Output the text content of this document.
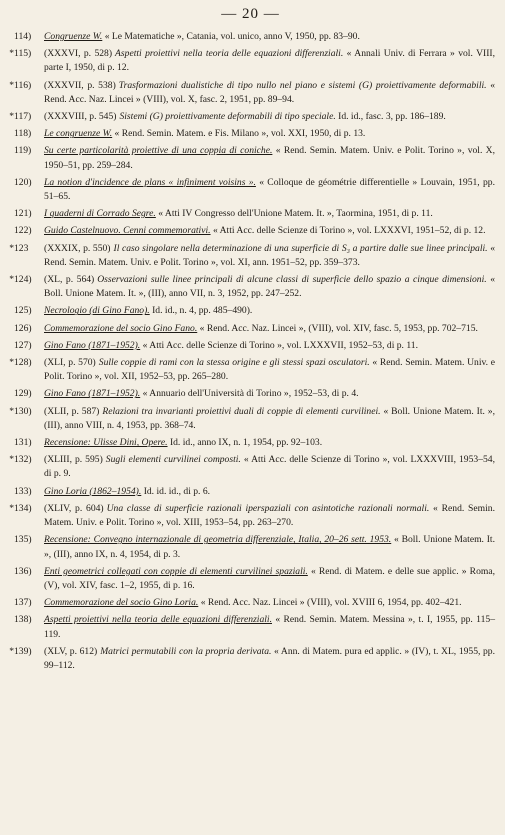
— 20 —
114)	Congruenze W. « Le Matematiche », Catania, vol. unico, anno V, 1950, pp. 83–90.
*115)	(XXXVI, p. 528) Aspetti proiettivi nella teoria delle equazioni differenziali. « Annali Univ. di Ferrara » vol. VIII, parte I, 1950, di p. 12.
*116)	(XXXVII, p. 538) Trasformazioni dualistiche di tipo nullo nel piano e sistemi (G) proiettivamente deformabili. « Rend. Acc. Naz. Lincei » (VIII), vol. X, fasc. 2, 1951, pp. 89–94.
*117)	(XXXVIII, p. 545) Sistemi (G) proiettivamente deformabili di tipo speciale. Id. id., fasc. 3, pp. 186–189.
118)	Le congruenze W. « Rend. Semin. Matem. e Fis. Milano », vol. XXI, 1950, di p. 13.
119)	Su certe particolarità proiettive di una coppia di coniche. « Rend. Semin. Matem. Univ. e Polit. Torino », vol. X, 1950–51, pp. 259–284.
120)	La notion d'incidence de plans « infiniment voisins ». « Colloque de géométrie differentielle » Louvain, 1951, pp. 51–65.
121)	I quaderni di Corrado Segre. « Atti IV Congresso dell'Unione Matem. It. », Taormina, 1951, di p. 11.
122)	Guido Castelnuovo. Cenni commemorativi. « Atti Acc. delle Scienze di Torino », vol. LXXXVI, 1951–52, di p. 12.
*123	(XXXIX, p. 550) Il caso singolare nella determinazione di una superficie di S₃ a partire dalle sue linee principali. « Rend. Semin. Matem. Univ. e Polit. Torino », vol. XI, ann. 1951–52, pp. 359–373.
*124)	(XL, p. 564) Osservazioni sulle linee principali di alcune classi di superficie dello spazio a cinque dimensioni. « Boll. Unione Matem. It. », (III), anno VII, n. 3, 1952, pp. 247–252.
125)	Necrologio (di Gino Fano). Id. id., n. 4, pp. 485–490).
126)	Commemorazione del socio Gino Fano. « Rend. Acc. Naz. Lincei », (VIII), vol. XIV, fasc. 5, 1953, pp. 702–715.
127)	Gino Fano (1871–1952). « Atti Acc. delle Scienze di Torino », vol. LXXXVII, 1952–53, di p. 11.
*128)	(XLI, p. 570) Sulle coppie di rami con la stessa origine e gli stessi spazi osculatori. « Rend. Semin. Matem. Univ. e Polit. Torino », vol. XII, 1952–53, pp. 265–280.
129)	Gino Fano (1871–1952). « Annuario dell'Università di Torino », 1952–53, di p. 4.
*130)	(XLII, p. 587) Relazioni tra invarianti proiettivi duali di coppie di elementi curvilinei. « Boll. Unione Matem. It. », (III), anno VIII, n. 4, 1953, pp. 368–74.
131)	Recensione: Ulisse Dini, Opere. Id. id., anno IX, n. 1, 1954, pp. 92–103.
*132)	(XLIII, p. 595) Sugli elementi curvilinei composti. « Atti Acc. delle Scienze di Torino », vol. LXXXVIII, 1953–54, di p. 9.
133)	Gino Loria (1862–1954). Id. id. id., di p. 6.
*134)	(XLIV, p. 604) Una classe di superficie razionali iperspaziali con asintotiche razionali normali. « Rend. Semin. Matem. Univ. e Polit. Torino », vol. XIII, 1953–54, pp. 263–270.
135)	Recensione: Convegno internazionale di geometria differenziale, Italia, 20–26 sett. 1953. « Boll. Unione Matem. It. », (III), anno IX, n. 4, 1954, di p. 3.
136)	Enti geometrici collegati con coppie di elementi curvilinei spaziali. « Rend. di Matem. e delle sue applic. » Roma, (V), vol. XIV, fasc. 1–2, 1955, di p. 16.
137)	Commemorazione del socio Gino Loria. « Rend. Acc. Naz. Lincei » (VIII), vol. XVIII 6, 1954, pp. 402–421.
138)	Aspetti proiettivi nella teoria delle equazioni differenziali. « Rend. Semin. Matem. Messina », t. I, 1955, pp. 115–119.
*139)	(XLV, p. 612) Matrici permutabili con la propria derivata. « Ann. di Matem. pura ed applic. » (IV), t. XL, 1955, pp. 99–112.
